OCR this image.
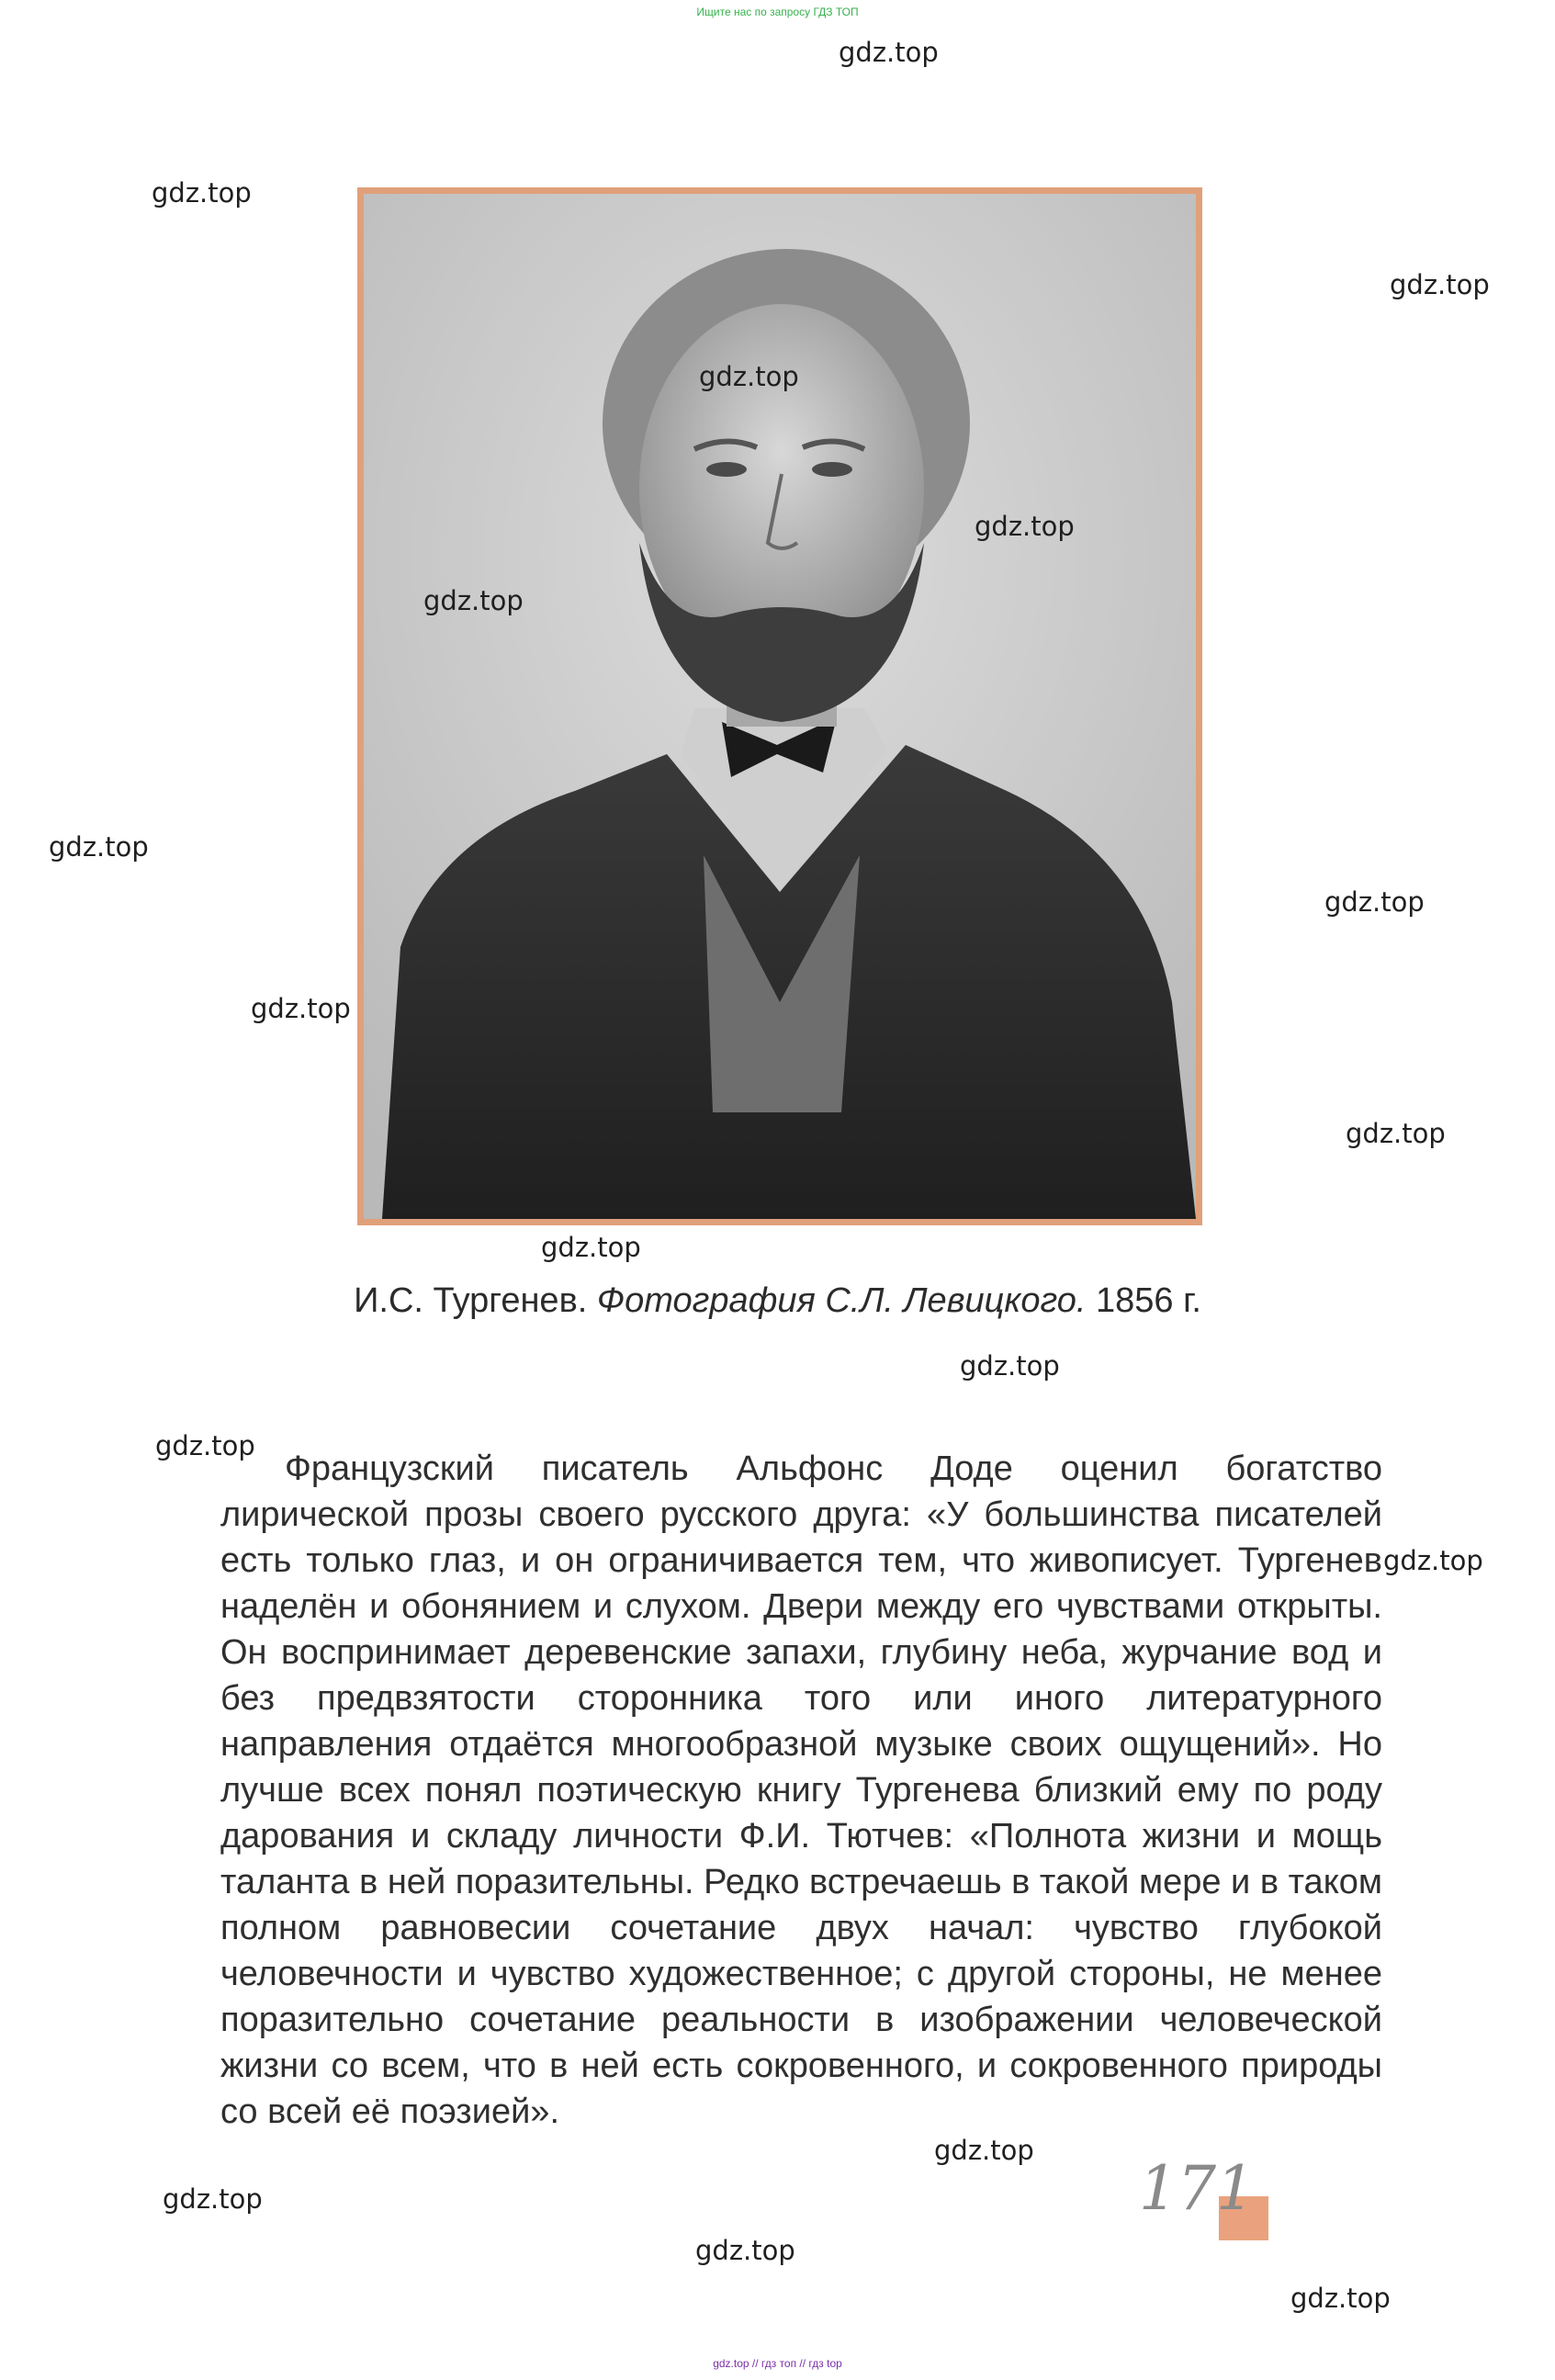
Ищите нас по запросу ГДЗ ТОП
gdz.top
gdz.top
gdz.top
gdz.top
gdz.top
gdz.top
gdz.top
gdz.top
gdz.top
gdz.top
gdz.top
gdz.top
gdz.top
gdz.top
gdz.top
gdz.top
gdz.top
gdz.top
И.С. Тургенев. Фотография С.Л. Левицкого. 1856 г.

Французский писатель Альфонс Доде оценил богатство лирической прозы своего русского друга: «У большинства писателей есть только глаз, и он ограничивается тем, что живописует. Тургенев наделён и обонянием и слухом. Двери между его чувствами открыты. Он воспринимает деревенские запахи, глубину неба, журчание вод и без предвзятости сторонника того или иного литературного направления отдаётся многообразной музыке своих ощущений». Но лучше всех понял поэтическую книгу Тургенева близкий ему по роду дарования и складу личности Ф.И. Тютчев: «Полнота жизни и мощь таланта в ней поразительны. Редко встречаешь в такой мере и в таком полном равновесии сочетание двух начал: чувство глубокой человечности и чувство художественное; с другой стороны, не менее поразительно сочетание реальности в изображении человеческой жизни со всем, что в ней есть сокровенного, и сокровенного природы со всей её поэзией».

171
gdz.top // гдз топ // гдз top
